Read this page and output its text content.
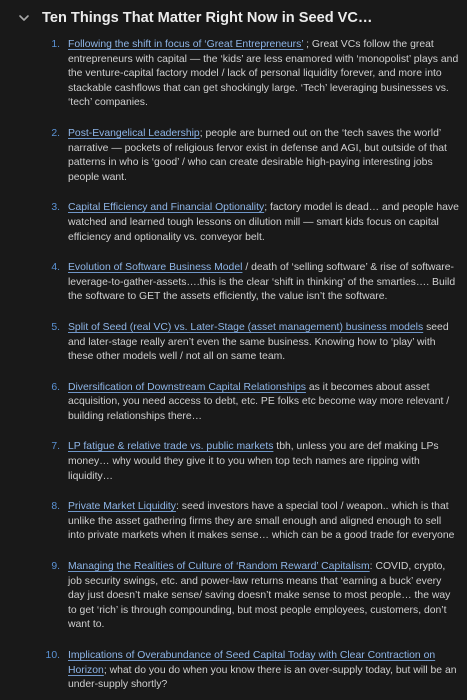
Ten Things That Matter Right Now in Seed VC…
1. Following the shift in focus of ‘Great Entrepreneurs’ ; Great VCs follow the great entrepreneurs with capital — the ‘kids’ are less enamored with ‘monopolist’ plays and the venture-capital factory model / lack of personal liquidity forever, and more into stackable cashflows that can get shockingly large. ‘Tech’ leveraging businesses vs. ‘tech’ companies.
2. Post-Evangelical Leadership; people are burned out on the ‘tech saves the world’ narrative — pockets of religious fervor exist in defense and AGI, but outside of that patterns in who is ‘good’ / who can create desirable high-paying interesting jobs people want.
3. Capital Efficiency and Financial Optionality; factory model is dead… and people have watched and learned tough lessons on dilution mill — smart kids focus on capital efficiency and optionality vs. conveyor belt.
4. Evolution of Software Business Model / death of ‘selling software’ & rise of software-leverage-to-gather-assets….this is the clear ‘shift in thinking’ of the smarties…. Build the software to GET the assets efficiently, the value isn’t the software.
5. Split of Seed (real VC) vs. Later-Stage (asset management) business models seed and later-stage really aren’t even the same business. Knowing how to ‘play’ with these other models well / not all on same team.
6. Diversification of Downstream Capital Relationships as it becomes about asset acquisition, you need access to debt, etc. PE folks etc become way more relevant / building relationships there…
7. LP fatigue & relative trade vs. public markets tbh, unless you are def making LPs money… why would they give it to you when top tech names are ripping with liquidity…
8. Private Market Liquidity: seed investors have a special tool / weapon.. which is that unlike the asset gathering firms they are small enough and aligned enough to sell into private markets when it makes sense… which can be a good trade for everyone
9. Managing the Realities of Culture of ‘Random Reward’ Capitalism: COVID, crypto, job security swings, etc. and power-law returns means that ‘earning a buck’ every day just doesn’t make sense/ saving doesn’t make sense to most people… the way to get ‘rich’ is through compounding, but most people employees, customers, don’t want to.
10. Implications of Overabundance of Seed Capital Today with Clear Contraction on Horizon; what do you do when you know there is an over-supply today, but will be an under-supply shortly?
